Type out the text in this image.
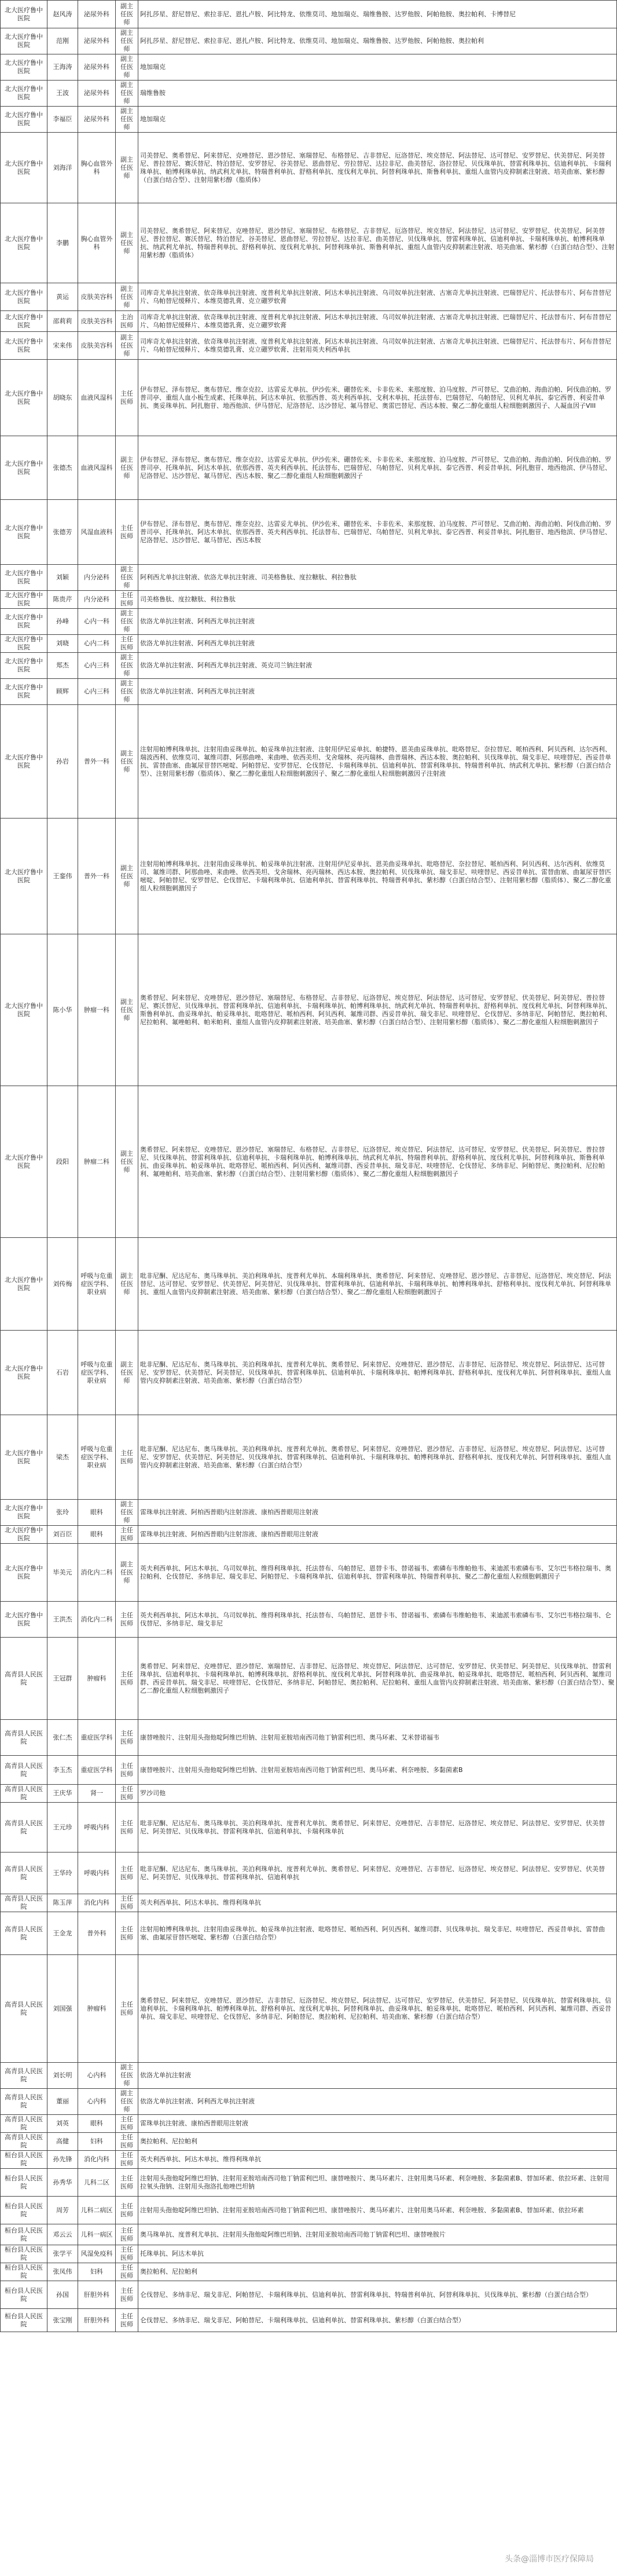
北大医疗鲁中医院	赵风涛	泌尿外科	副主任医师	阿扎莎星、舒尼替尼、索拉非尼、恩扎卢胺、阿比特龙、依维莫司、地加瑞克、瑞维鲁胺、达罗他胺、阿帕他胺、奥拉帕利、卡博替尼
北大医疗鲁中医院	范刚	泌尿外科	副主任医师	阿扎莎星、舒尼替尼、索拉非尼、恩扎卢胺、阿比特龙、依维莫司、地加瑞克、瑞维鲁胺、达罗他胺、阿帕他胺、奥拉帕利
北大医疗鲁中医院	王海涛	泌尿外科	副主任医师	地加瑞克
北大医疗鲁中医院	王波	泌尿外科	副主任医师	瑞维鲁胺
北大医疗鲁中医院	李福臣	泌尿外科	副主任医师	地加瑞克
北大医疗鲁中医院	刘海洋	胸心血管外科	副主任医师	司美替尼、奥希替尼、阿来替尼、克唑替尼、恩沙替尼、塞瑞替尼、布格替尼、吉非替尼、厄洛替尼、埃克替尼、阿法替尼、达可替尼、安罗替尼、伏美替尼、阿美替尼、普拉替尼、赛沃替尼、特泊替尼、安罗替尼、谷美替尼、恩曲替尼、劳拉替尼、达拉非尼、曲美替尼、洛拉替尼、贝伐珠单抗、替雷利珠单抗、信迪利单抗、卡瑞利珠单抗、帕博利珠单抗、纳武利尤单抗、特瑞普利单抗、舒格利单抗、度伐利尤单抗、阿替利珠单抗、斯鲁利单抗、重组人血管内皮抑制素注射液、培美曲塞、紫杉醇（白蛋白结合型）、注射用紫杉醇（脂质体）
北大医疗鲁中医院	李鹏	胸心血管外科	副主任医师	司美替尼、奥希替尼、阿来替尼、克唑替尼、恩沙替尼、塞瑞替尼、布格替尼、吉非替尼、厄洛替尼、埃克替尼、阿法替尼、达可替尼、安罗替尼、伏美替尼、阿美替尼、普拉替尼、赛沃替尼、特泊替尼、谷美替尼、恩曲替尼、劳拉替尼、达拉非尼、曲美替尼、贝伐珠单抗、替雷利珠单抗、信迪利单抗、卡瑞利珠单抗、帕博利珠单抗、纳武利尤单抗、特瑞普利单抗、舒格利单抗、度伐利尤单抗、阿替利珠单抗、斯鲁利单抗、重组人血管内皮抑制素注射液、培美曲塞、紫杉醇（白蛋白结合型）、注射用紫杉醇（脂质体）
北大医疗鲁中医院	黄运	皮肤美容科	副主任医师	司库奇尤单抗注射液、依奇珠单抗注射液、度普利尤单抗注射液、阿达木单抗注射液、乌司奴单抗注射液、古塞奇尤单抗注射液、巴瑞替尼片、托法替布片、阿布昔替尼片、乌帕替尼缓释片、本维莫德乳膏、克立硼罗软膏
北大医疗鲁中医院	邵莉莉	皮肤美容科	主治医师	司库奇尤单抗注射液、依奇珠单抗注射液、度普利尤单抗注射液、阿达木单抗注射液、乌司奴单抗注射液、古塞奇尤单抗注射液、巴瑞替尼片、托法替布片、阿布昔替尼片、乌帕替尼缓释片、本维莫德乳膏、克立硼罗软膏
北大医疗鲁中医院	宋来伟	皮肤美容科	副主任医师	司库奇尤单抗注射液、依奇珠单抗注射液、度普利尤单抗注射液、阿达木单抗注射液、乌司奴单抗注射液、古塞奇尤单抗注射液、巴瑞替尼片、托法替布片、阿布昔替尼片、乌帕替尼缓释片、本维莫德乳膏、克立硼罗软膏、注射用英夫利西单抗
北大医疗鲁中医院	胡晓东	血液风湿科	主任医师	伊布替尼、泽布替尼、奥布替尼、维奈克拉、达雷妥尤单抗、伊沙佐米、硼替佐米、卡非佐米、来那度胺、泊马度胺、芦可替尼、艾曲泊帕、海曲泊帕、阿伐曲泊帕、罗普司亭、重组人血小板生成素、托珠单抗、阿达木单抗、依那西普、英夫利西单抗、戈利木单抗、托法替布、巴瑞替尼、乌帕替尼、贝利尤单抗、泰它西普、利妥昔单抗、奥妥珠单抗、阿扎胞苷、地西他滨、伊马替尼、尼洛替尼、达沙替尼、氟马替尼、奥雷巴替尼、西达本胺、聚乙二醇化重组人粒细胞刺激因子、人凝血因子VIII
北大医疗鲁中医院	张德杰	血液风湿科	副主任医师	伊布替尼、泽布替尼、奥布替尼、维奈克拉、达雷妥尤单抗、伊沙佐米、硼替佐米、卡非佐米、来那度胺、泊马度胺、芦可替尼、艾曲泊帕、海曲泊帕、阿伐曲泊帕、罗普司亭、托珠单抗、阿达木单抗、依那西普、英夫利西单抗、托法替布、巴瑞替尼、乌帕替尼、贝利尤单抗、泰它西普、利妥昔单抗、阿扎胞苷、地西他滨、伊马替尼、尼洛替尼、达沙替尼、氟马替尼、西达本胺、聚乙二醇化重组人粒细胞刺激因子
北大医疗鲁中医院	张德芳	风湿血液科	主任医师	伊布替尼、泽布替尼、奥布替尼、维奈克拉、达雷妥尤单抗、伊沙佐米、硼替佐米、卡非佐米、来那度胺、泊马度胺、芦可替尼、艾曲泊帕、海曲泊帕、阿伐曲泊帕、罗普司亭、托珠单抗、阿达木单抗、依那西普、英夫利西单抗、托法替布、巴瑞替尼、乌帕替尼、贝利尤单抗、泰它西普、利妥昔单抗、阿扎胞苷、地西他滨、伊马替尼、尼洛替尼、达沙替尼、氟马替尼、西达本胺
北大医疗鲁中医院	刘颖	内分泌科	副主任医师	阿利西尤单抗注射液、依洛尤单抗注射液、司美格鲁肽、度拉糖肽、利拉鲁肽
北大医疗鲁中医院	陈贵芹	内分泌科	主任医师	司美格鲁肽、度拉糖肽、利拉鲁肽
北大医疗鲁中医院	孙峰	心内一科	副主任医师	依洛尤单抗注射液、阿利西尤单抗注射液
北大医疗鲁中医院	刘晓	心内二科	主任医师	依洛尤单抗注射液、阿利西尤单抗注射液
北大医疗鲁中医院	郑杰	心内三科	副主任医师	依洛尤单抗注射液、阿利西尤单抗注射液、英克司兰钠注射液
北大医疗鲁中医院	顾辉	心内三科	副主任医师	依洛尤单抗注射液、阿利西尤单抗注射液
北大医疗鲁中医院	孙岩	普外一科	副主任医师	注射用帕博利珠单抗、注射用曲妥珠单抗、帕妥珠单抗注射液、注射用伊尼妥单抗、帕捷特、恩美曲妥珠单抗、吡咯替尼、奈拉替尼、哌柏西利、阿贝西利、达尔西利、瑞波西利、依维莫司、氟维司群、阿那曲唑、来曲唑、依西美坦、戈舍瑞林、亮丙瑞林、曲普瑞林、西达本胺、奥拉帕利、贝伐珠单抗、瑞戈非尼、呋喹替尼、西妥昔单抗、雷替曲塞、曲氟尿苷替匹嘧啶、阿帕替尼、安罗替尼、仑伐替尼、卡瑞利珠单抗、信迪利单抗、替雷利珠单抗、特瑞普利单抗、纳武利尤单抗、紫杉醇（白蛋白结合型）、注射用紫杉醇（脂质体）、聚乙二醇化重组人粒细胞刺激因子、聚乙二醇化重组人粒细胞刺激因子注射液
北大医疗鲁中医院	王銮伟	普外一科	副主任医师	注射用帕博利珠单抗、注射用曲妥珠单抗、帕妥珠单抗注射液、注射用伊尼妥单抗、恩美曲妥珠单抗、吡咯替尼、奈拉替尼、哌柏西利、阿贝西利、达尔西利、依维莫司、氟维司群、阿那曲唑、来曲唑、依西美坦、戈舍瑞林、亮丙瑞林、西达本胺、奥拉帕利、贝伐珠单抗、瑞戈非尼、呋喹替尼、西妥昔单抗、雷替曲塞、曲氟尿苷替匹嘧啶、阿帕替尼、安罗替尼、仑伐替尼、卡瑞利珠单抗、信迪利单抗、替雷利珠单抗、特瑞普利单抗、紫杉醇（白蛋白结合型）、注射用紫杉醇（脂质体）、聚乙二醇化重组人粒细胞刺激因子
北大医疗鲁中医院	陈小华	肿瘤一科	副主任医师	奥希替尼、阿来替尼、克唑替尼、恩沙替尼、塞瑞替尼、布格替尼、吉非替尼、厄洛替尼、埃克替尼、阿法替尼、达可替尼、安罗替尼、伏美替尼、阿美替尼、普拉替尼、赛沃替尼、贝伐珠单抗、替雷利珠单抗、信迪利单抗、卡瑞利珠单抗、帕博利珠单抗、纳武利尤单抗、特瑞普利单抗、舒格利单抗、度伐利尤单抗、阿替利珠单抗、斯鲁利单抗、曲妥珠单抗、帕妥珠单抗、吡咯替尼、哌柏西利、阿贝西利、氟维司群、西妥昔单抗、瑞戈非尼、呋喹替尼、仑伐替尼、多纳非尼、阿帕替尼、奥拉帕利、尼拉帕利、氟唑帕利、帕米帕利、重组人血管内皮抑制素注射液、培美曲塞、紫杉醇（白蛋白结合型）、注射用紫杉醇（脂质体）、聚乙二醇化重组人粒细胞刺激因子
北大医疗鲁中医院	段阳	肿瘤二科	副主任医师	奥希替尼、阿来替尼、克唑替尼、恩沙替尼、塞瑞替尼、布格替尼、吉非替尼、厄洛替尼、埃克替尼、阿法替尼、达可替尼、安罗替尼、伏美替尼、阿美替尼、普拉替尼、贝伐珠单抗、替雷利珠单抗、信迪利单抗、卡瑞利珠单抗、帕博利珠单抗、纳武利尤单抗、特瑞普利单抗、舒格利单抗、度伐利尤单抗、阿替利珠单抗、斯鲁利单抗、曲妥珠单抗、帕妥珠单抗、吡咯替尼、哌柏西利、阿贝西利、氟维司群、西妥昔单抗、瑞戈非尼、呋喹替尼、仑伐替尼、多纳非尼、阿帕替尼、奥拉帕利、尼拉帕利、氟唑帕利、培美曲塞、紫杉醇（白蛋白结合型）、注射用紫杉醇（脂质体）、聚乙二醇化重组人粒细胞刺激因子
北大医疗鲁中医院	刘传梅	呼吸与危重症医学科、职业病	副主任医师	吡非尼酮、尼达尼布、奥马珠单抗、美泊利珠单抗、度普利尤单抗、本瑞利珠单抗、奥希替尼、阿来替尼、克唑替尼、恩沙替尼、吉非替尼、厄洛替尼、埃克替尼、阿法替尼、达可替尼、安罗替尼、伏美替尼、阿美替尼、贝伐珠单抗、替雷利珠单抗、信迪利单抗、卡瑞利珠单抗、帕博利珠单抗、舒格利单抗、度伐利尤单抗、阿替利珠单抗、重组人血管内皮抑制素注射液、培美曲塞、紫杉醇（白蛋白结合型）、聚乙二醇化重组人粒细胞刺激因子
北大医疗鲁中医院	石岩	呼吸与危重症医学科、职业病	副主任医师	吡非尼酮、尼达尼布、奥马珠单抗、美泊利珠单抗、度普利尤单抗、奥希替尼、阿来替尼、克唑替尼、恩沙替尼、吉非替尼、厄洛替尼、埃克替尼、阿法替尼、达可替尼、安罗替尼、伏美替尼、阿美替尼、贝伐珠单抗、替雷利珠单抗、信迪利单抗、卡瑞利珠单抗、帕博利珠单抗、舒格利单抗、度伐利尤单抗、阿替利珠单抗、重组人血管内皮抑制素注射液、培美曲塞、紫杉醇（白蛋白结合型）
北大医疗鲁中医院	梁杰	呼吸与危重症医学科、职业病	主任医师	吡非尼酮、尼达尼布、奥马珠单抗、美泊利珠单抗、度普利尤单抗、奥希替尼、阿来替尼、克唑替尼、恩沙替尼、吉非替尼、厄洛替尼、埃克替尼、阿法替尼、达可替尼、安罗替尼、伏美替尼、阿美替尼、贝伐珠单抗、替雷利珠单抗、信迪利单抗、卡瑞利珠单抗、帕博利珠单抗、舒格利单抗、度伐利尤单抗、阿替利珠单抗、重组人血管内皮抑制素注射液、培美曲塞、紫杉醇（白蛋白结合型）
北大医疗鲁中医院	张玲	眼科	副主任医师	雷珠单抗注射液、阿柏西普眼内注射溶液、康柏西普眼用注射液
北大医疗鲁中医院	刘百臣	眼科	主任医师	雷珠单抗注射液、阿柏西普眼内注射溶液、康柏西普眼用注射液
北大医疗鲁中医院	毕美元	消化内二科	副主任医师	英夫利西单抗、阿达木单抗、乌司奴单抗、维得利珠单抗、托法替布、乌帕替尼、恩替卡韦、替诺福韦、索磷布韦维帕他韦、来迪派韦索磷布韦、艾尔巴韦格拉瑞韦、奥拉帕利、仑伐替尼、多纳非尼、瑞戈非尼、阿帕替尼、卡瑞利珠单抗、信迪利单抗、替雷利珠单抗、特瑞普利单抗、聚乙二醇化重组人粒细胞刺激因子
北大医疗鲁中医院	王洪杰	消化内二科	主任医师	英夫利西单抗、阿达木单抗、乌司奴单抗、维得利珠单抗、托法替布、乌帕替尼、恩替卡韦、替诺福韦、索磷布韦维帕他韦、来迪派韦索磷布韦、艾尔巴韦格拉瑞韦、仑伐替尼、多纳非尼、瑞戈非尼
高青县人民医院	王冠群	肿瘤科	主任医师	奥希替尼、阿来替尼、克唑替尼、恩沙替尼、塞瑞替尼、吉非替尼、厄洛替尼、埃克替尼、阿法替尼、达可替尼、安罗替尼、伏美替尼、阿美替尼、贝伐珠单抗、替雷利珠单抗、信迪利单抗、卡瑞利珠单抗、帕博利珠单抗、舒格利单抗、度伐利尤单抗、阿替利珠单抗、曲妥珠单抗、帕妥珠单抗、吡咯替尼、哌柏西利、阿贝西利、氟维司群、西妥昔单抗、瑞戈非尼、呋喹替尼、仑伐替尼、多纳非尼、阿帕替尼、奥拉帕利、尼拉帕利、重组人血管内皮抑制素注射液、培美曲塞、紫杉醇（白蛋白结合型）、聚乙二醇化重组人粒细胞刺激因子
高青县人民医院	张仁杰	重症医学科	主任医师	康替唑胺片、注射用头孢他啶阿维巴坦钠、注射用亚胺培南西司他丁钠雷利巴坦、奥马环素、艾米替诺福韦
高青县人民医院	李玉杰	重症医学科	主任医师	康替唑胺片、注射用头孢他啶阿维巴坦钠、注射用亚胺培南西司他丁钠雷利巴坦、奥马环素、利奈唑胺、多黏菌素B
高青县人民医院	王庆华	肾一	主任医师	罗沙司他
高青县人民医院	王元珍	呼吸内科	主任医师	吡非尼酮、尼达尼布、奥马珠单抗、美泊利珠单抗、度普利尤单抗、奥希替尼、阿来替尼、克唑替尼、吉非替尼、厄洛替尼、埃克替尼、阿法替尼、安罗替尼、伏美替尼、阿美替尼、贝伐珠单抗、替雷利珠单抗、信迪利单抗、卡瑞利珠单抗
高青县人民医院	王华玲	呼吸内科	主任医师	吡非尼酮、尼达尼布、奥马珠单抗、美泊利珠单抗、度普利尤单抗、奥希替尼、阿来替尼、克唑替尼、吉非替尼、厄洛替尼、埃克替尼、阿法替尼、安罗替尼、伏美替尼、阿美替尼、贝伐珠单抗、替雷利珠单抗、信迪利单抗
高青县人民医院	陈玉萍	消化内科	主任医师	英夫利西单抗、阿达木单抗、维得利珠单抗
高青县人民医院	王金龙	普外科	主任医师	注射用帕博利珠单抗、注射用曲妥珠单抗、帕妥珠单抗注射液、吡咯替尼、哌柏西利、阿贝西利、氟维司群、贝伐珠单抗、瑞戈非尼、呋喹替尼、西妥昔单抗、雷替曲塞、曲氟尿苷替匹嘧啶、紫杉醇（白蛋白结合型）
高青县人民医院	刘国强	肿瘤科	主任医师	奥希替尼、阿来替尼、克唑替尼、恩沙替尼、吉非替尼、厄洛替尼、埃克替尼、阿法替尼、达可替尼、安罗替尼、伏美替尼、阿美替尼、贝伐珠单抗、替雷利珠单抗、信迪利单抗、卡瑞利珠单抗、帕博利珠单抗、舒格利单抗、度伐利尤单抗、阿替利珠单抗、曲妥珠单抗、帕妥珠单抗、吡咯替尼、哌柏西利、阿贝西利、氟维司群、西妥昔单抗、瑞戈非尼、呋喹替尼、仑伐替尼、多纳非尼、阿帕替尼、奥拉帕利、尼拉帕利、培美曲塞、紫杉醇（白蛋白结合型）
高青县人民医院	刘长明	心内科	副主任医师	依洛尤单抗注射液
高青县人民医院	董丽	心内科	副主任医师	依洛尤单抗注射液、阿利西尤单抗注射液
高青县人民医院	刘英	眼科	主任医师	雷珠单抗注射液、康柏西普眼用注射液
高青县人民医院	高健	妇科	主任医师	奥拉帕利、尼拉帕利
桓台县人民医院	孙先锋	消化内科	主任医师	英夫利西单抗、阿达木单抗、维得利珠单抗
桓台县人民医院	孙秀华	儿科二区	主任医师	注射用头孢他啶阿维巴坦钠、注射用亚胺培南西司他丁钠雷利巴坦、康替唑胺片、奥马环素片、注射用奥马环素、利奈唑胺、多黏菌素B、替加环素、依拉环素、注射用拉氧头孢钠、注射用头孢洛扎他唑巴坦钠
桓台县人民医院	周芳	儿科二病区	主任医师	注射用头孢他啶阿维巴坦钠、注射用亚胺培南西司他丁钠雷利巴坦、康替唑胺片、奥马环素片、注射用奥马环素、利奈唑胺、多黏菌素B、替加环素、依拉环素
桓台县人民医院	邓云云	儿科一病区	主任医师	奥马珠单抗、度普利尤单抗、注射用头孢他啶阿维巴坦钠、注射用亚胺培南西司他丁钠雷利巴坦、康替唑胺片
桓台县人民医院	张学平	风湿免疫科	主任医师	托珠单抗、阿达木单抗
桓台县人民医院	张凤伟	妇科	主任医师	奥拉帕利、尼拉帕利
桓台县人民医院	孙国	肝胆外科	主任医师	仑伐替尼、多纳非尼、瑞戈非尼、阿帕替尼、卡瑞利珠单抗、信迪利单抗、替雷利珠单抗、特瑞普利单抗、阿替利珠单抗、贝伐珠单抗、紫杉醇（白蛋白结合型）
桓台县人民医院	张宝刚	肝胆外科	主任医师	仑伐替尼、多纳非尼、瑞戈非尼、阿帕替尼、卡瑞利珠单抗、信迪利单抗、替雷利珠单抗、紫杉醇（白蛋白结合型）
头条@淄博市医疗保障局
